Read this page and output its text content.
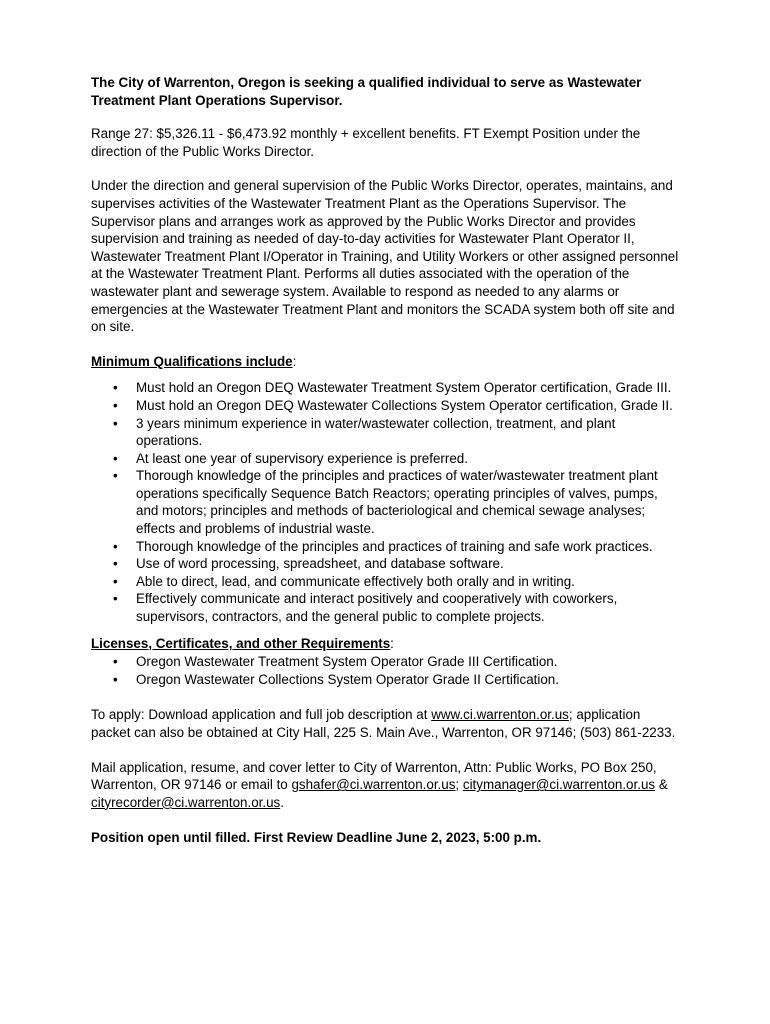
The City of Warrenton, Oregon is seeking a qualified individual to serve as Wastewater Treatment Plant Operations Supervisor.

Range 27: $5,326.11 - $6,473.92 monthly + excellent benefits. FT Exempt Position under the direction of the Public Works Director.

Under the direction and general supervision of the Public Works Director, operates, maintains, and supervises activities of the Wastewater Treatment Plant as the Operations Supervisor. The Supervisor plans and arranges work as approved by the Public Works Director and provides supervision and training as needed of day-to-day activities for Wastewater Plant Operator II, Wastewater Treatment Plant I/Operator in Training, and Utility Workers or other assigned personnel at the Wastewater Treatment Plant. Performs all duties associated with the operation of the wastewater plant and sewerage system. Available to respond as needed to any alarms or emergencies at the Wastewater Treatment Plant and monitors the SCADA system both off site and on site.

Minimum Qualifications include:

• Must hold an Oregon DEQ Wastewater Treatment System Operator certification, Grade III.
• Must hold an Oregon DEQ Wastewater Collections System Operator certification, Grade II.
• 3 years minimum experience in water/wastewater collection, treatment, and plant operations.
• At least one year of supervisory experience is preferred.
• Thorough knowledge of the principles and practices of water/wastewater treatment plant operations specifically Sequence Batch Reactors; operating principles of valves, pumps, and motors; principles and methods of bacteriological and chemical sewage analyses; effects and problems of industrial waste.
• Thorough knowledge of the principles and practices of training and safe work practices.
• Use of word processing, spreadsheet, and database software.
• Able to direct, lead, and communicate effectively both orally and in writing.
• Effectively communicate and interact positively and cooperatively with coworkers, supervisors, contractors, and the general public to complete projects.

Licenses, Certificates, and other Requirements:

• Oregon Wastewater Treatment System Operator Grade III Certification.
• Oregon Wastewater Collections System Operator Grade II Certification.

To apply: Download application and full job description at www.ci.warrenton.or.us; application packet can also be obtained at City Hall, 225 S. Main Ave., Warrenton, OR 97146; (503) 861-2233.

Mail application, resume, and cover letter to City of Warrenton, Attn: Public Works, PO Box 250, Warrenton, OR 97146 or email to gshafer@ci.warrenton.or.us; citymanager@ci.warrenton.or.us & cityrecorder@ci.warrenton.or.us.

Position open until filled. First Review Deadline June 2, 2023, 5:00 p.m.
